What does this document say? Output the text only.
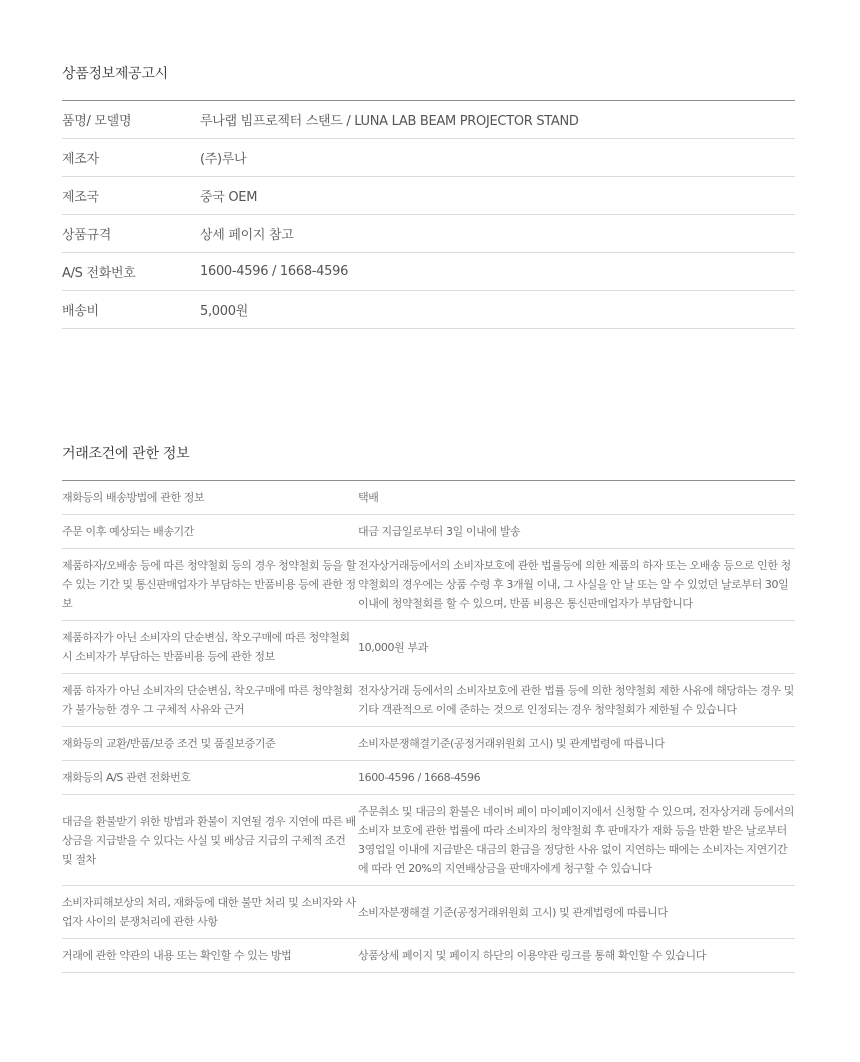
상품정보제공고시
품명/ 모델명	루나랩 빔프로젝터 스탠드 / LUNA LAB BEAM PROJECTOR STAND
제조자	(주)루나
제조국	중국 OEM
상품규격	상세 페이지 참고
A/S 전화번호	1600-4596 / 1668-4596
배송비	5,000원
거래조건에 관한 정보
재화등의 배송방법에 관한 정보	택배
주문 이후 예상되는 배송기간	대금 지급일로부터 3일 이내에 발송
제품하자/오배송 등에 따른 청약철회 등의 경우 청약철회 등을 할 수 있는 기간 및 통신판매업자가 부담하는 반품비용 등에 관한 정보	전자상거래등에서의 소비자보호에 관한 법률등에 의한 제품의 하자 또는 오배송 등으로 인한 청약철회의 경우에는 상품 수령 후 3개월 이내, 그 사실을 안 날 또는 알 수 있었던 날로부터 30일 이내에 청약철회를 할 수 있으며, 반품 비용은 통신판매업자가 부담합니다
제품하자가 아닌 소비자의 단순변심, 착오구매에 따른 청약철회 시 소비자가 부담하는 반품비용 등에 관한 정보	10,000원 부과
제품 하자가 아닌 소비자의 단순변심, 착오구매에 따른 청약철회가 불가능한 경우 그 구체적 사유와 근거	전자상거래 등에서의 소비자보호에 관한 법률 등에 의한 청약철회 제한 사유에 해당하는 경우 및 기타 객관적으로 이에 준하는 것으로 인정되는 경우 청약철회가 제한될 수 있습니다
재화등의 교환/반품/보증 조건 및 품질보증기준	소비자분쟁해결기준(공정거래위원회 고시) 및 관계법령에 따릅니다
재화등의 A/S 관련 전화번호	1600-4596 / 1668-4596
대금을 환불받기 위한 방법과 환불이 지연될 경우 지연에 따른 배상금을 지급받을 수 있다는 사실 및 배상금 지급의 구체적 조건 및 절차	주문취소 및 대금의 환불은 네이버 페이 마이페이지에서 신청할 수 있으며, 전자상거래 등에서의 소비자 보호에 관한 법률에 따라 소비자의 청약철회 후 판매자가 재화 등을 반환 받은 날로부터 3영업일 이내에 지급받은 대금의 환급을 정당한 사유 없이 지연하는 때에는 소비자는 지연기간에 따라 연 20%의 지연배상금을 판매자에게 청구할 수 있습니다
소비자피해보상의 처리, 재화등에 대한 불만 처리 및 소비자와 사업자 사이의 분쟁처리에 관한 사항	소비자분쟁해결 기준(공정거래위원회 고시) 및 관계법령에 따릅니다
거래에 관한 약관의 내용 또는 확인할 수 있는 방법	상품상세 페이지 및 페이지 하단의 이용약관 링크를 통해 확인할 수 있습니다
